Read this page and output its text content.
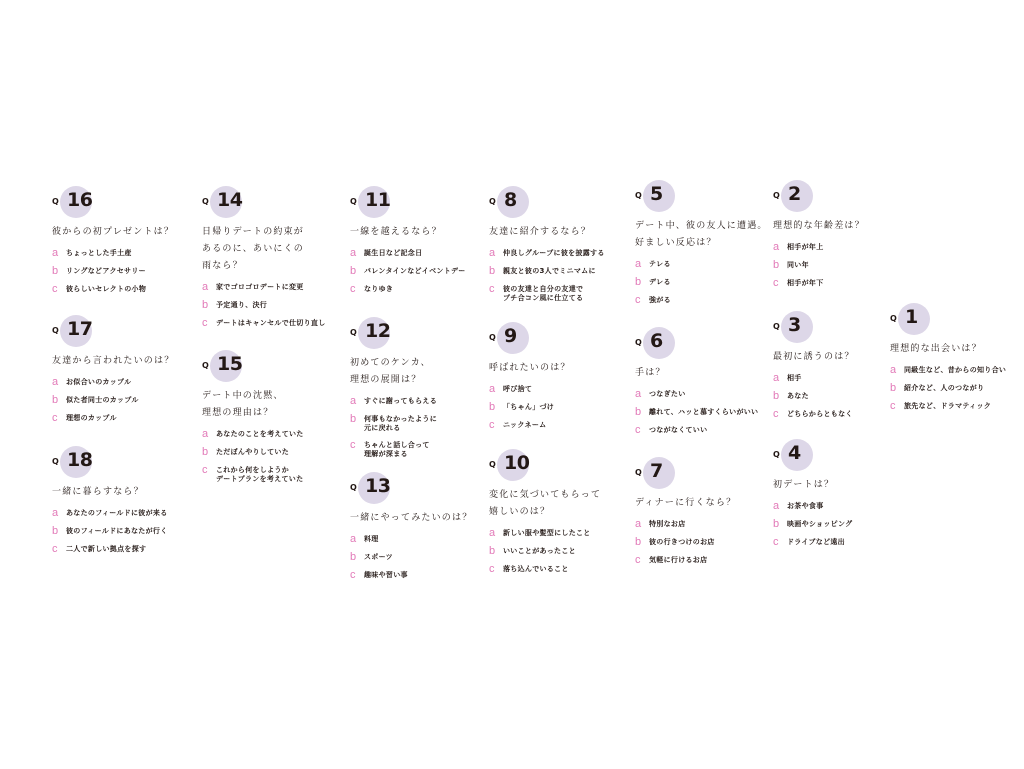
Q 16
彼からの初プレゼントは？
a	ちょっとした手土産
b	リングなどアクセサリー
c	彼らしいセレクトの小物
Q 17
友達から言われたいのは？
a	お似合いのカップル
b	似た者同士のカップル
c	理想のカップル
Q 18
一緒に暮らすなら？
a	あなたのフィールドに彼が来る
b	彼のフィールドにあなたが行く
c	二人で新しい拠点を探す
Q 14
日帰りデートの約束が
あるのに、あいにくの
雨なら？
a	家でゴロゴロデートに変更
b	予定通り、決行
c	デートはキャンセルで仕切り直し
Q 15
デート中の沈黙、
理想の理由は？
a	あなたのことを考えていた
b	ただぼんやりしていた
c	これから何をしようか
デートプランを考えていた
Q 11
一線を越えるなら？
a	誕生日など記念日
b	バレンタインなどイベントデー
c	なりゆき
Q 12
初めてのケンカ、
理想の展開は？
a	すぐに謝ってもらえる
b	何事もなかったように
元に戻れる
c	ちゃんと話し合って
理解が深まる
Q 13
一緒にやってみたいのは？
a	料理
b	スポーツ
c	趣味や習い事
Q 8
友達に紹介するなら？
a	仲良しグループに彼を披露する
b	親友と彼の3人でミニマムに
c	彼の友達と自分の友達で
プチ合コン風に仕立てる
Q 9
呼ばれたいのは？
a	呼び捨て
b	「ちゃん」づけ
c	ニックネーム
Q 10
変化に気づいてもらって
嬉しいのは？
a	新しい服や髪型にしたこと
b	いいことがあったこと
c	落ち込んでいること
Q 5
デート中、彼の友人に遭遇。
好ましい反応は？
a	テレる
b	デレる
c	強がる
Q 6
手は？
a	つなぎたい
b	離れて、ハッと慕すくらいがいい
c	つながなくていい
Q 7
ディナーに行くなら？
a	特別なお店
b	彼の行きつけのお店
c	気軽に行けるお店
Q 2
理想的な年齢差は？
a	相手が年上
b	同い年
c	相手が年下
Q 3
最初に誘うのは？
a	相手
b	あなた
c	どちらからともなく
Q 4
初デートは？
a	お茶や食事
b	映画やショッピング
c	ドライブなど遠出
Q 1
理想的な出会いは？
a	同級生など、昔からの知り合い
b	紹介など、人のつながり
c	旅先など、ドラマティック
